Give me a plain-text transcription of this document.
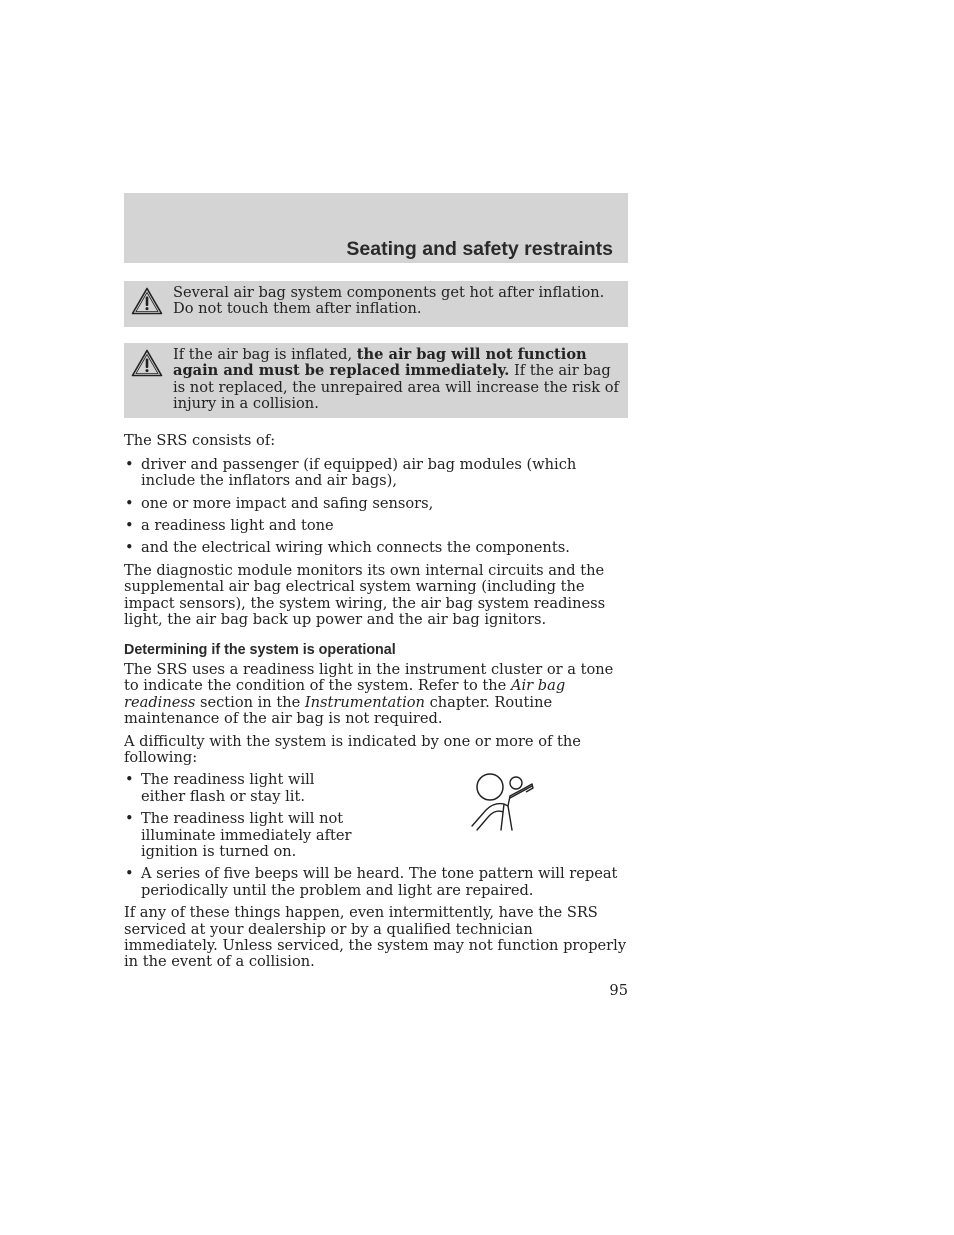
Seating and safety restraints

Several air bag system components get hot after inflation. Do not touch them after inflation.

If the air bag is inflated, the air bag will not function again and must be replaced immediately. If the air bag is not replaced, the unrepaired area will increase the risk of injury in a collision.

The SRS consists of:

• driver and passenger (if equipped) air bag modules (which include the inflators and air bags),
• one or more impact and safing sensors,
• a readiness light and tone
• and the electrical wiring which connects the components.

The diagnostic module monitors its own internal circuits and the supplemental air bag electrical system warning (including the impact sensors), the system wiring, the air bag system readiness light, the air bag back up power and the air bag ignitors.

Determining if the system is operational

The SRS uses a readiness light in the instrument cluster or a tone to indicate the condition of the system. Refer to the Air bag readiness section in the Instrumentation chapter. Routine maintenance of the air bag is not required.

A difficulty with the system is indicated by one or more of the following:

• The readiness light will either flash or stay lit.
• The readiness light will not illuminate immediately after ignition is turned on.
• A series of five beeps will be heard. The tone pattern will repeat periodically until the problem and light are repaired.

If any of these things happen, even intermittently, have the SRS serviced at your dealership or by a qualified technician immediately. Unless serviced, the system may not function properly in the event of a collision.

95
